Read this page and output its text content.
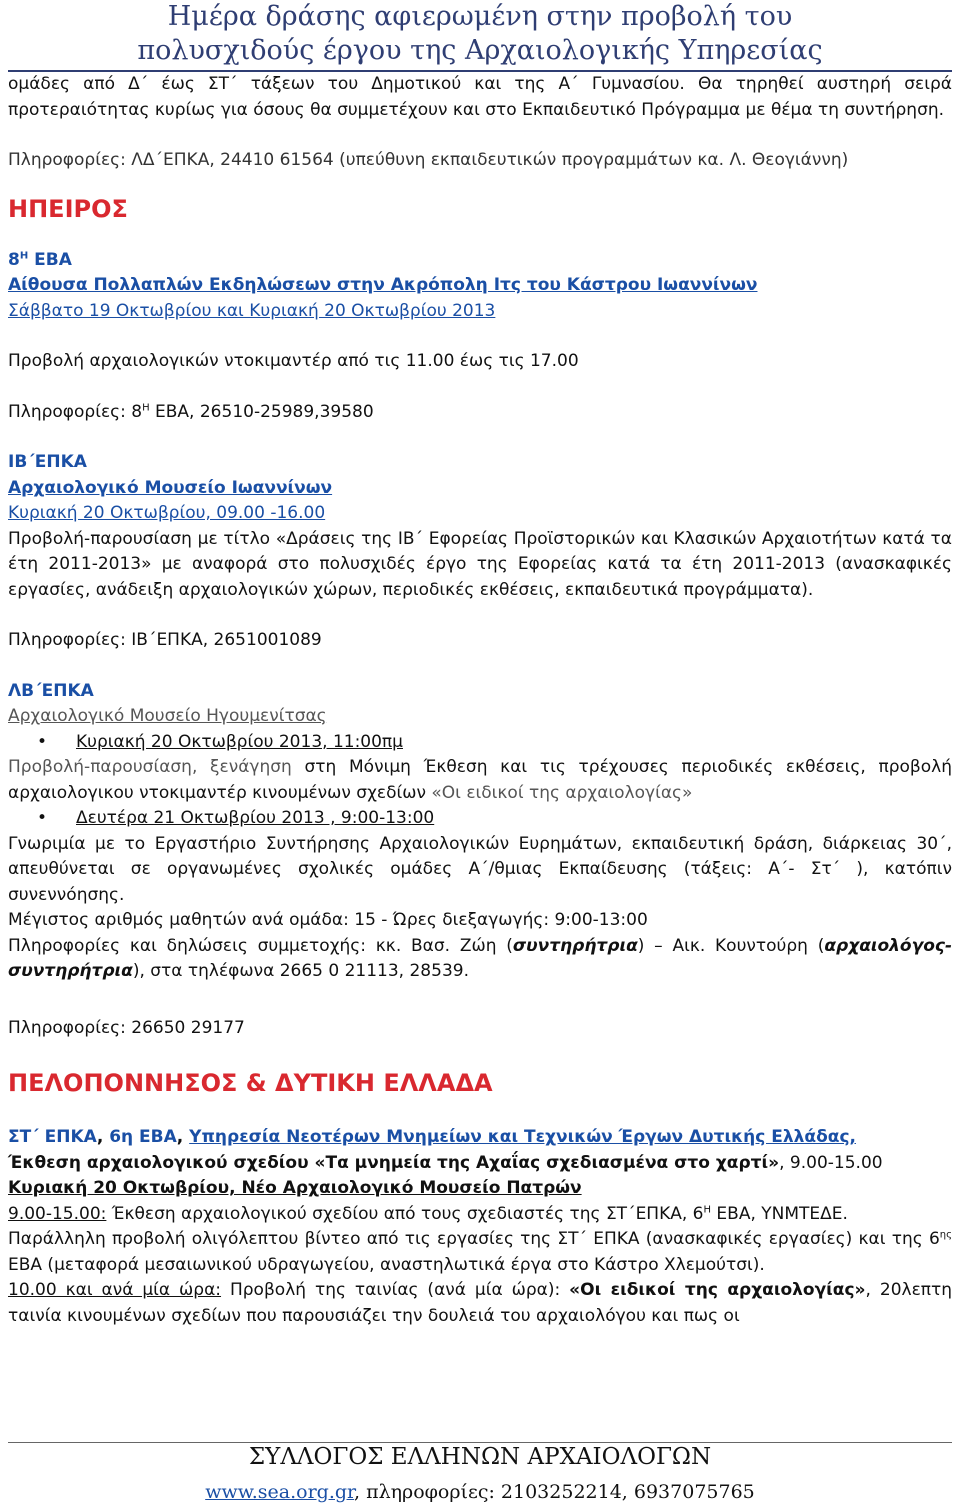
Ημέρα δράσης αφιερωμένη στην προβολή του
πολυσχιδούς έργου της Αρχαιολογικής Υπηρεσίας

ομάδες από Δ΄ έως ΣΤ΄ τάξεων του Δημοτικού και της Α΄ Γυμνασίου. Θα τηρηθεί αυστηρή σειρά προτεραιότητας κυρίως για όσους θα συμμετέχουν και στο Εκπαιδευτικό Πρόγραμμα με θέμα τη συντήρηση.

Πληροφορίες: ΛΔ΄ΕΠΚΑ, 24410 61564 (υπεύθυνη εκπαιδευτικών προγραμμάτων κα. Λ. Θεογιάννη)

ΗΠΕΙΡΟΣ

$8^H$ ΕΒΑ

Αίθουσα Πολλαπλών Εκδηλώσεων στην Ακρόπολη Ιτς του Κάστρου Ιωαννίνων

Σάββατο 19 Οκτωβρίου και Κυριακή 20 Οκτωβρίου 2013

Προβολή αρχαιολογικών ντοκιμαντέρ από τις 11.00 έως τις 17.00

Πληροφορίες: $8^H$ ΕΒΑ, 26510-25989,39580

ΙΒ΄ΕΠΚΑ

Αρχαιολογικό Μουσείο Ιωαννίνων

Κυριακή 20 Οκτωβρίου, 09.00 -16.00

Προβολή-παρουσίαση με τίτλο «Δράσεις της ΙΒ΄ Εφορείας Προϊστορικών και Κλασικών Αρχαιοτήτων κατά τα έτη 2011-2013» με αναφορά στο πολυσχιδές έργο της Εφορείας κατά τα έτη 2011-2013 (ανασκαφικές εργασίες, ανάδειξη αρχαιολογικών χώρων, περιοδικές εκθέσεις, εκπαιδευτικά προγράμματα).

Πληροφορίες: ΙΒ΄ΕΠΚΑ, 2651001089

ΛΒ΄ΕΠΚΑ

Αρχαιολογικό Μουσείο Ηγουμενίτσας

• Κυριακή 20 Οκτωβρίου 2013, 11:00πμ

Προβολή-παρουσίαση, ξενάγηση στη Μόνιμη Έκθεση και τις τρέχουσες περιοδικές εκθέσεις, προβολή αρχαιολογικου ντοκιμαντέρ κινουμένων σχεδίων «Οι ειδικοί της αρχαιολογίας»

• Δευτέρα 21 Οκτωβρίου 2013 , 9:00-13:00

Γνωριμία με το Εργαστήριο Συντήρησης Αρχαιολογικών Ευρημάτων, εκπαιδευτική δράση, διάρκειας 30΄, απευθύνεται σε οργανωμένες σχολικές ομάδες Α΄/θμιας Εκπαίδευσης (τάξεις: Α΄- Στ΄ ), κατόπιν συνεννόησης.

Μέγιστος αριθμός μαθητών ανά ομάδα: 15 - Ώρες διεξαγωγής: 9:00-13:00

Πληροφορίες και δηλώσεις συμμετοχής: κκ. Βασ. Ζώη (συντηρήτρια) – Αικ. Κουντούρη (αρχαιολόγος-συντηρήτρια), στα τηλέφωνα 2665 0 21113, 28539.

Πληροφορίες: 26650 29177

ΠΕΛΟΠΟΝΝΗΣΟΣ & ΔΥΤΙΚΗ ΕΛΛΑΔΑ

ΣΤ΄ ΕΠΚΑ, 6η ΕΒΑ, Υπηρεσία Νεοτέρων Μνημείων και Τεχνικών Έργων Δυτικής Ελλάδας,

Έκθεση αρχαιολογικού σχεδίου «Τα μνημεία της Αχαΐας σχεδιασμένα στο χαρτί», 9.00-15.00

Κυριακή 20 Οκτωβρίου, Νέο Αρχαιολογικό Μουσείο Πατρών

9.00-15.00: Έκθεση αρχαιολογικού σχεδίου από τους σχεδιαστές της ΣΤ΄ΕΠΚΑ, $6^H$ ΕΒΑ, ΥΝΜΤΕΔΕ.

Παράλληλη προβολή ολιγόλεπτου βίντεο από τις εργασίες της ΣΤ΄ ΕΠΚΑ (ανασκαφικές εργασίες) και της $6^{\eta\varsigma}$ ΕΒΑ (μεταφορά μεσαιωνικού υδραγωγείου, αναστηλωτικά έργα στο Κάστρο Χλεμούτσι).

10.00 και ανά μία ώρα: Προβολή της ταινίας (ανά μία ώρα): «Οι ειδικοί της αρχαιολογίας», 20λεπτη ταινία κινουμένων σχεδίων που παρουσιάζει την δουλειά του αρχαιολόγου και πως οι

ΣΥΛΛΟΓΟΣ ΕΛΛΗΝΩΝ ΑΡΧΑΙΟΛΟΓΩΝ
www.sea.org.gr, πληροφορίες: 2103252214, 6937075765
